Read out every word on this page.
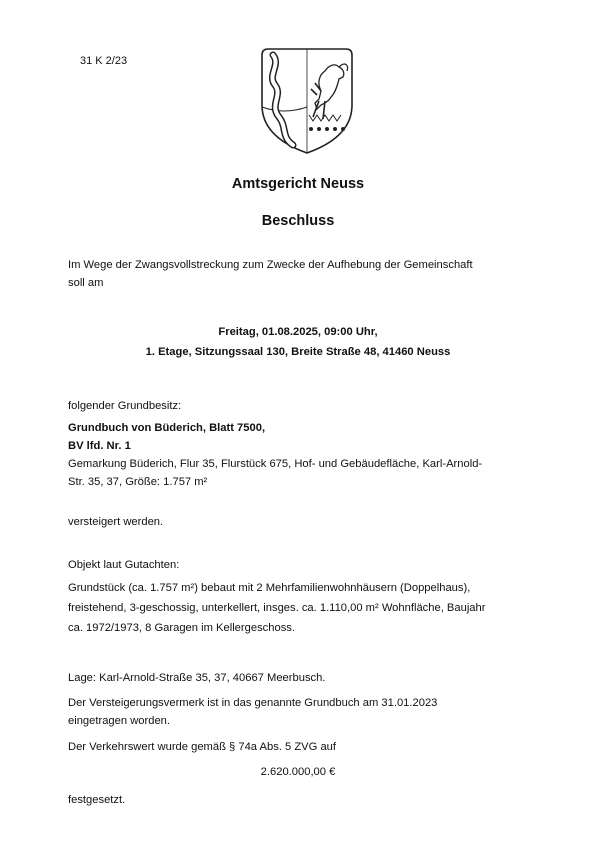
31 K 2/23
Amtsgericht Neuss
Beschluss
Im Wege der Zwangsvollstreckung zum Zwecke der Aufhebung der Gemeinschaft
soll am
Freitag, 01.08.2025, 09:00 Uhr,
1. Etage, Sitzungssaal 130, Breite Straße 48, 41460 Neuss
folgender Grundbesitz:
Grundbuch von Büderich, Blatt 7500,
BV lfd. Nr. 1
Gemarkung Büderich, Flur 35, Flurstück 675, Hof- und Gebäudefläche, Karl-Arnold-
Str. 35, 37, Größe: 1.757 m²
versteigert werden.
Objekt laut Gutachten:
Grundstück (ca. 1.757 m²) bebaut mit 2 Mehrfamilienwohnhäusern (Doppelhaus),
freistehend, 3-geschossig, unterkellert, insges. ca. 1.110,00 m² Wohnfläche, Baujahr
ca. 1972/1973, 8 Garagen im Kellergeschoss.
Lage: Karl-Arnold-Straße 35, 37, 40667 Meerbusch.
Der Versteigerungsvermerk ist in das genannte Grundbuch am 31.01.2023
eingetragen worden.
Der Verkehrswert wurde gemäß § 74a Abs. 5 ZVG auf
2.620.000,00 €
festgesetzt.
